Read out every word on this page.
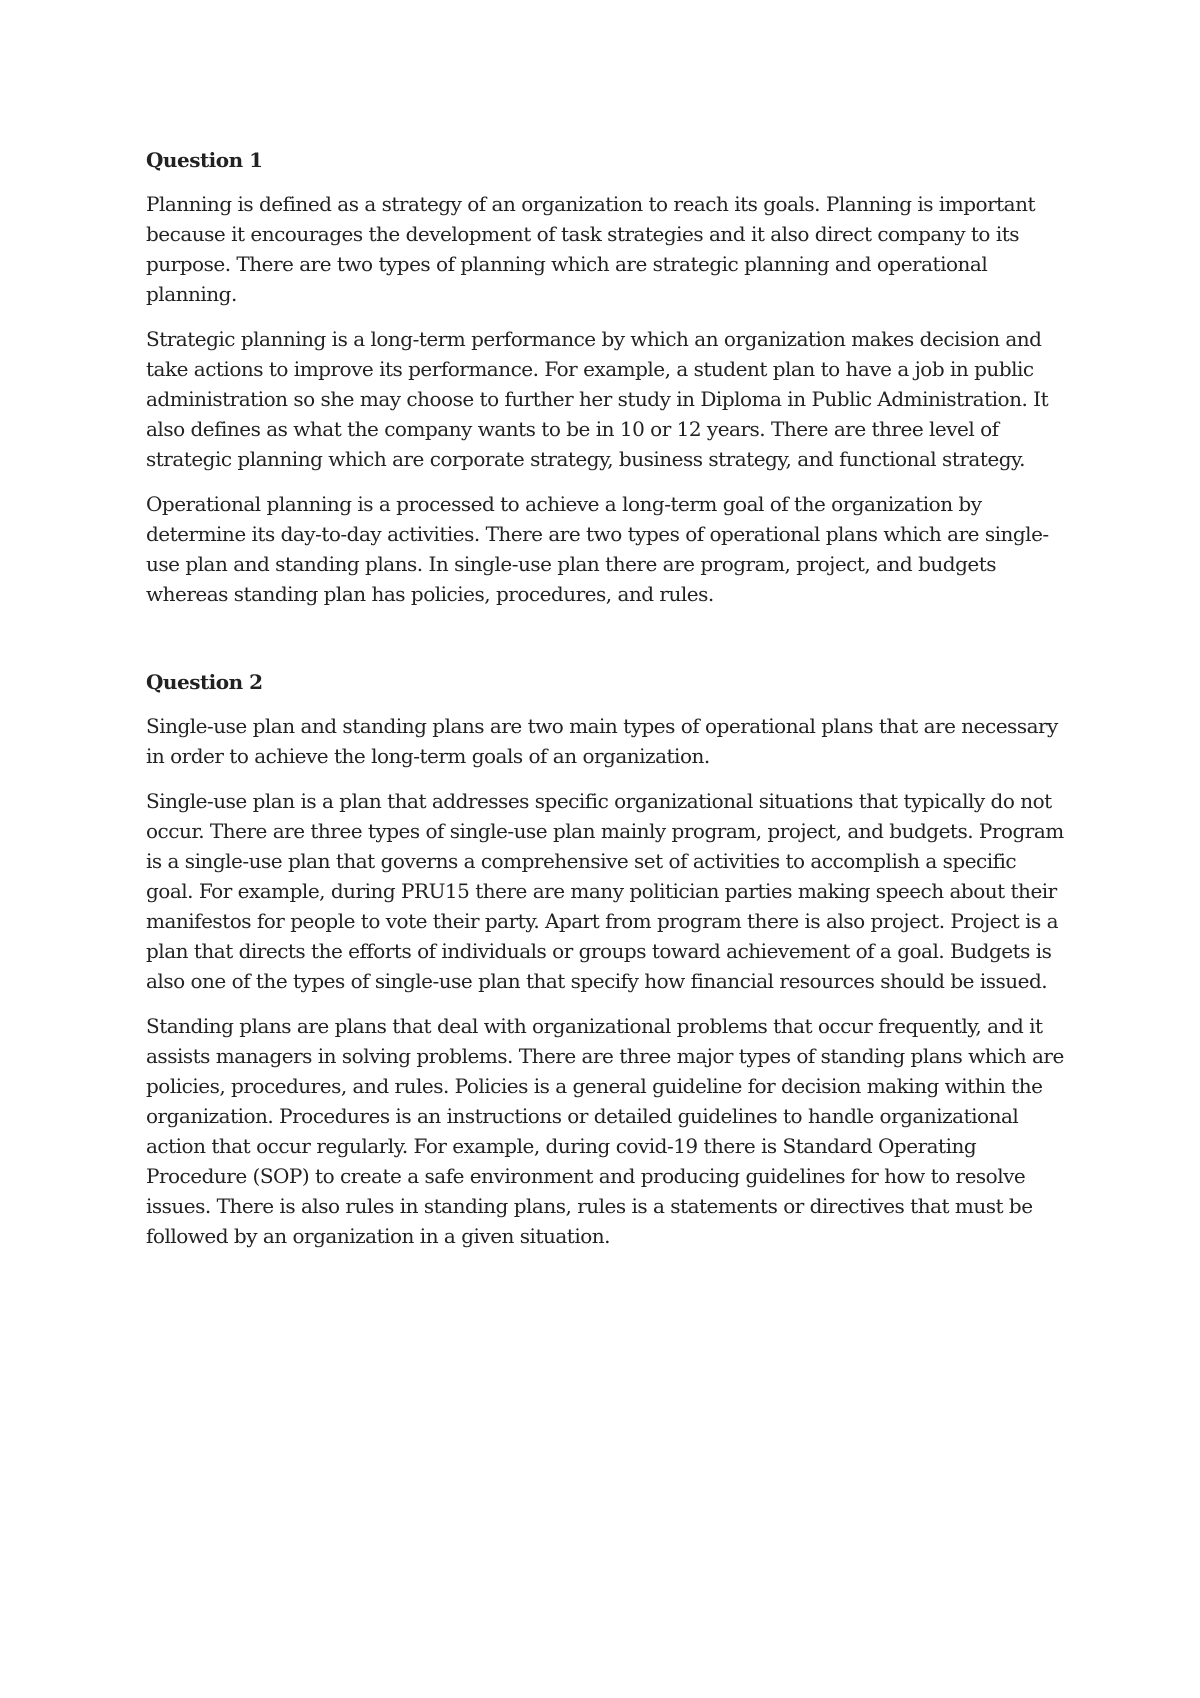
Question 1

Planning is defined as a strategy of an organization to reach its goals. Planning is important because it encourages the development of task strategies and it also direct company to its purpose. There are two types of planning which are strategic planning and operational planning.

Strategic planning is a long-term performance by which an organization makes decision and take actions to improve its performance. For example, a student plan to have a job in public administration so she may choose to further her study in Diploma in Public Administration. It also defines as what the company wants to be in 10 or 12 years. There are three level of strategic planning which are corporate strategy, business strategy, and functional strategy.

Operational planning is a processed to achieve a long-term goal of the organization by determine its day-to-day activities. There are two types of operational plans which are single-use plan and standing plans. In single-use plan there are program, project, and budgets whereas standing plan has policies, procedures, and rules.

Question 2

Single-use plan and standing plans are two main types of operational plans that are necessary in order to achieve the long-term goals of an organization.

Single-use plan is a plan that addresses specific organizational situations that typically do not occur. There are three types of single-use plan mainly program, project, and budgets. Program is a single-use plan that governs a comprehensive set of activities to accomplish a specific goal. For example, during PRU15 there are many politician parties making speech about their manifestos for people to vote their party. Apart from program there is also project. Project is a plan that directs the efforts of individuals or groups toward achievement of a goal. Budgets is also one of the types of single-use plan that specify how financial resources should be issued.

Standing plans are plans that deal with organizational problems that occur frequently, and it assists managers in solving problems. There are three major types of standing plans which are policies, procedures, and rules. Policies is a general guideline for decision making within the organization. Procedures is an instructions or detailed guidelines to handle organizational action that occur regularly. For example, during covid-19 there is Standard Operating Procedure (SOP) to create a safe environment and producing guidelines for how to resolve issues. There is also rules in standing plans, rules is a statements or directives that must be followed by an organization in a given situation.
